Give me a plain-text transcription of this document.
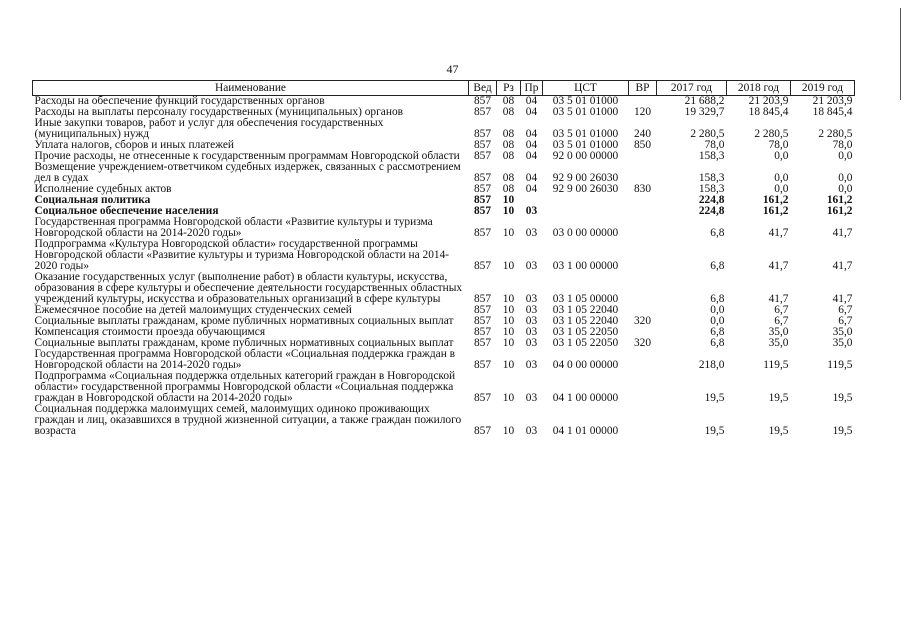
47
Наименование	Вед	Рз	Пр	ЦСТ	ВР	2017 год	2018 год	2019 год
Расходы на обеспечение функций государственных органов	857	08	04	03 5 01 01000		21 688,2	21 203,9	21 203,9
Расходы на выплаты персоналу государственных (муниципальных) органов	857	08	04	03 5 01 01000	120	19 329,7	18 845,4	18 845,4
Иные закупки товаров, работ и услуг для обеспечения государственных (муниципальных) нужд	857	08	04	03 5 01 01000	240	2 280,5	2 280,5	2 280,5
Уплата налогов, сборов и иных платежей	857	08	04	03 5 01 01000	850	78,0	78,0	78,0
Прочие расходы, не отнесенные к государственным программам Новгородской области	857	08	04	92 0 00 00000		158,3	0,0	0,0
Возмещение учреждением-ответчиком судебных издержек, связанных с рассмотрением дел в судах	857	08	04	92 9 00 26030		158,3	0,0	0,0
Исполнение судебных актов	857	08	04	92 9 00 26030	830	158,3	0,0	0,0
Социальная политика	857	10				224,8	161,2	161,2
Социальное обеспечение населения	857	10	03			224,8	161,2	161,2
Государственная программа Новгородской области «Развитие культуры и туризма Новгородской области на 2014-2020 годы»	857	10	03	03 0 00 00000		6,8	41,7	41,7
Подпрограмма «Культура Новгородской области» государственной программы Новгородской области «Развитие культуры и туризма Новгородской области на 2014-2020 годы»	857	10	03	03 1 00 00000		6,8	41,7	41,7
Оказание государственных услуг (выполнение работ) в области культуры, искусства, образования в сфере культуры и обеспечение деятельности государственных областных учреждений культуры, искусства и образовательных организаций в сфере культуры	857	10	03	03 1 05 00000		6,8	41,7	41,7
Ежемесячное пособие на детей малоимущих студенческих семей	857	10	03	03 1 05 22040		0,0	6,7	6,7
Социальные выплаты гражданам, кроме публичных нормативных социальных выплат	857	10	03	03 1 05 22040	320	0,0	6,7	6,7
Компенсация стоимости проезда обучающимся	857	10	03	03 1 05 22050		6,8	35,0	35,0
Социальные выплаты гражданам, кроме публичных нормативных социальных выплат	857	10	03	03 1 05 22050	320	6,8	35,0	35,0
Государственная программа Новгородской области «Социальная поддержка граждан в Новгородской области на 2014-2020 годы»	857	10	03	04 0 00 00000		218,0	119,5	119,5
Подпрограмма «Социальная поддержка отдельных категорий граждан в Новгородской области» государственной программы Новгородской области «Социальная поддержка граждан в Новгородской области на 2014-2020 годы»	857	10	03	04 1 00 00000		19,5	19,5	19,5
Социальная поддержка малоимущих семей, малоимущих одиноко проживающих граждан и лиц, оказавшихся в трудной жизненной ситуации, а также граждан пожилого возраста	857	10	03	04 1 01 00000		19,5	19,5	19,5
